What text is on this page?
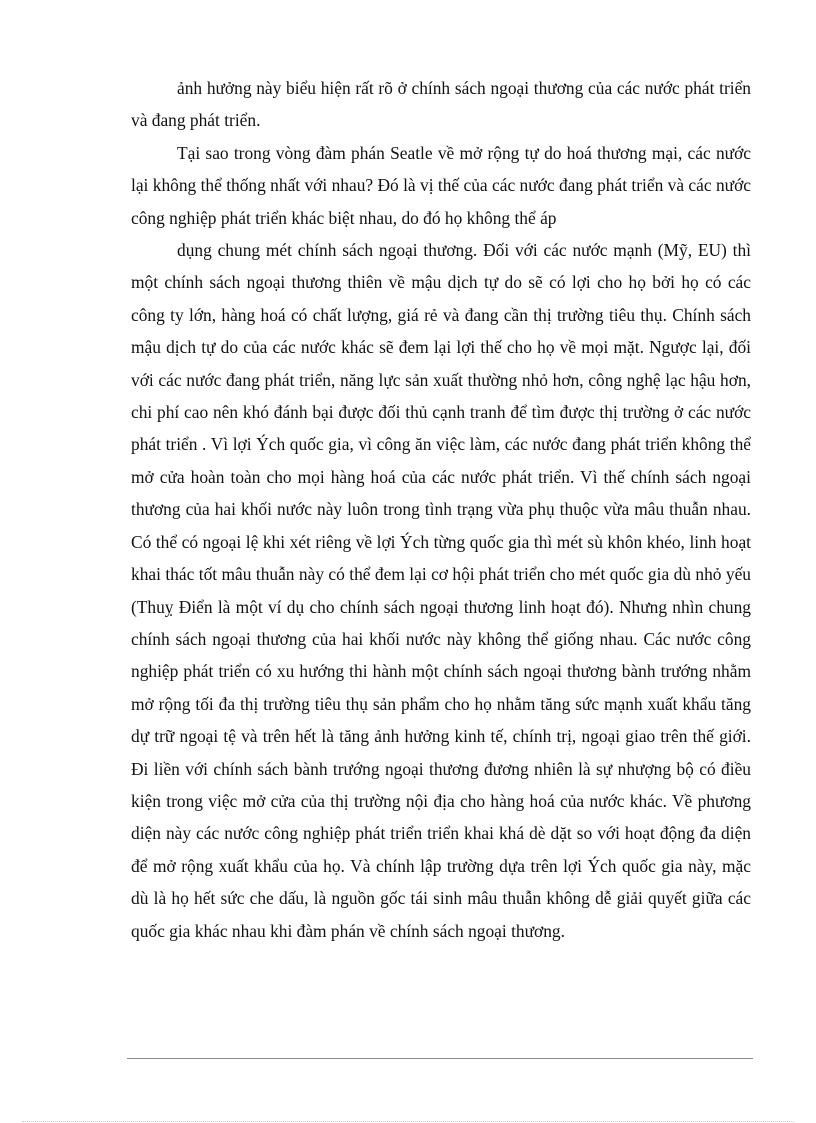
ảnh hưởng này biểu hiện rất rõ ở chính sách ngoại thương của các nước phát triển và đang phát triển.

Tại sao trong vòng đàm phán Seatle về mở rộng tự do hoá thương mại, các nước lại không thể thống nhất với nhau? Đó là vị thế của các nước đang phát triển và các nước công nghiệp phát triển khác biệt nhau, do đó họ không thể áp

dụng chung mét chính sách ngoại thương. Đối với các nước mạnh (Mỹ, EU) thì một chính sách ngoại thương thiên về mậu dịch tự do sẽ có lợi cho họ bởi họ có các công ty lớn, hàng hoá có chất lượng, giá rẻ và đang cần thị trường tiêu thụ. Chính sách mậu dịch tự do của các nước khác sẽ đem lại lợi thế cho họ về mọi mặt. Ngược lại, đối với các nước đang phát triển, năng lực sản xuất thường nhỏ hơn, công nghệ lạc hậu hơn, chi phí cao nên khó đánh bại được đối thủ cạnh tranh để tìm được thị trường ở các nước phát triển . Vì lợi Ých quốc gia, vì công ăn việc làm, các nước đang phát triển không thể mở cửa hoàn toàn cho mọi hàng hoá của các nước phát triển. Vì thế chính sách ngoại thương của hai khối nước này luôn trong tình trạng vừa phụ thuộc vừa mâu thuẫn nhau. Có thể có ngoại lệ khi xét riêng về lợi Ých từng quốc gia thì mét sù khôn khéo, linh hoạt khai thác tốt mâu thuẫn này có thể đem lại cơ hội phát triển cho mét quốc gia dù nhỏ yếu (Thuỵ Điển là một ví dụ cho chính sách ngoại thương linh hoạt đó). Nhưng nhìn chung chính sách ngoại thương của hai khối nước này không thể giống nhau. Các nước công nghiệp phát triển có xu hướng thi hành một chính sách ngoại thương bành trướng nhằm mở rộng tối đa thị trường tiêu thụ sản phẩm cho họ nhằm tăng sức mạnh xuất khẩu tăng dự trữ ngoại tệ và trên hết là tăng ảnh hưởng kinh tế, chính trị, ngoại giao trên thế giới. Đi liền với chính sách bành trướng ngoại thương đương nhiên là sự nhượng bộ có điều kiện trong việc mở cửa của thị trường nội địa cho hàng hoá của nước khác. Về phương diện này các nước công nghiệp phát triển triển khai khá dè dặt so với hoạt động đa diện để mở rộng xuất khẩu của họ. Và chính lập trường dựa trên lợi Ých quốc gia này, mặc dù là họ hết sức che dấu, là nguồn gốc tái sinh mâu thuẫn không dễ giải quyết giữa các quốc gia khác nhau khi đàm phán về chính sách ngoại thương.
